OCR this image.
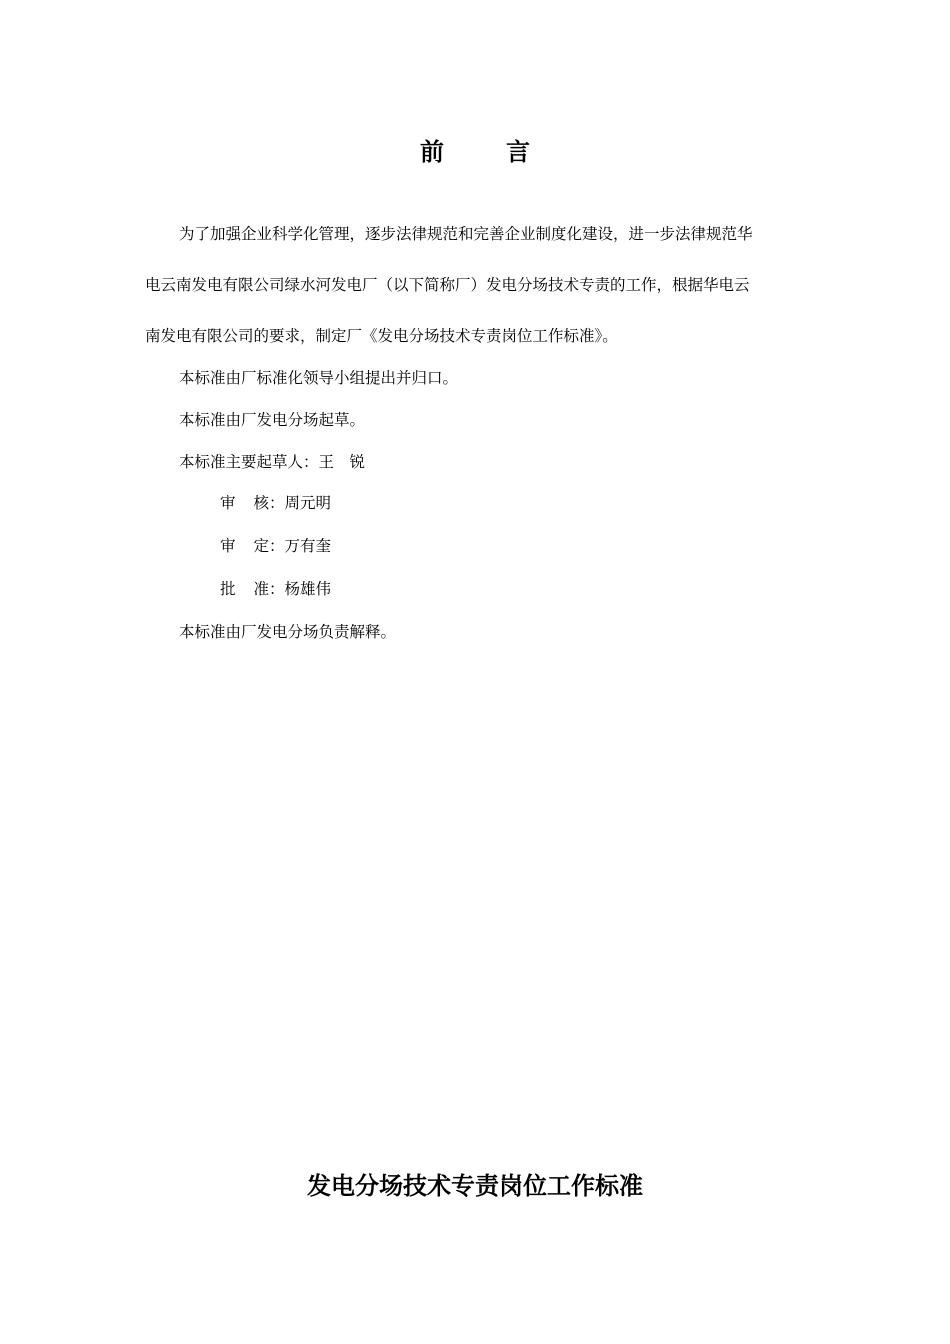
前	言
为了加强企业科学化管理，逐步法律规范和完善企业制度化建设，进一步法律规范华
电云南发电有限公司绿水河发电厂（以下简称厂）发电分场技术专责的工作，根据华电云
南发电有限公司的要求，制定厂《发电分场技术专责岗位工作标准》。
本标准由厂标准化领导小组提出并归口。
本标准由厂发电分场起草。
本标准主要起草人：王　锐
审 核：周元明
审 定：万有奎
批 准：杨雄伟
本标准由厂发电分场负责解释。
发电分场技术专责岗位工作标准
